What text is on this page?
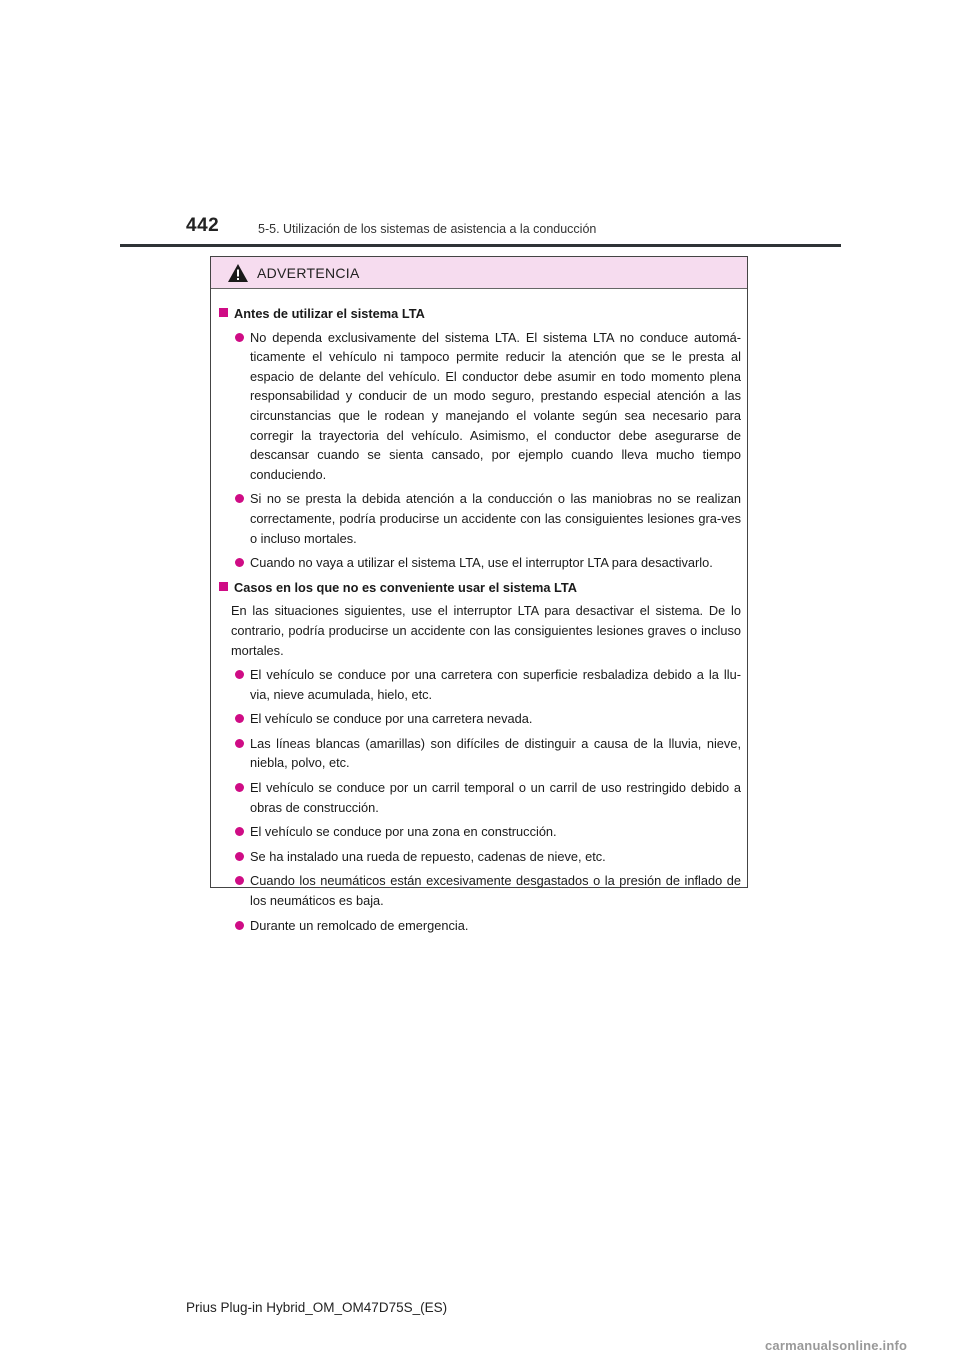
442	5-5. Utilización de los sistemas de asistencia a la conducción
ADVERTENCIA
Antes de utilizar el sistema LTA
No dependa exclusivamente del sistema LTA. El sistema LTA no conduce automá-ticamente el vehículo ni tampoco permite reducir la atención que se le presta al espacio de delante del vehículo. El conductor debe asumir en todo momento plena responsabilidad y conducir de un modo seguro, prestando especial atención a las circunstancias que le rodean y manejando el volante según sea necesario para corregir la trayectoria del vehículo. Asimismo, el conductor debe asegurarse de descansar cuando se sienta cansado, por ejemplo cuando lleva mucho tiempo conduciendo.
Si no se presta la debida atención a la conducción o las maniobras no se realizan correctamente, podría producirse un accidente con las consiguientes lesiones gra-ves o incluso mortales.
Cuando no vaya a utilizar el sistema LTA, use el interruptor LTA para desactivarlo.
Casos en los que no es conveniente usar el sistema LTA
En las situaciones siguientes, use el interruptor LTA para desactivar el sistema. De lo contrario, podría producirse un accidente con las consiguientes lesiones graves o incluso mortales.
El vehículo se conduce por una carretera con superficie resbaladiza debido a la llu-via, nieve acumulada, hielo, etc.
El vehículo se conduce por una carretera nevada.
Las líneas blancas (amarillas) son difíciles de distinguir a causa de la lluvia, nieve, niebla, polvo, etc.
El vehículo se conduce por un carril temporal o un carril de uso restringido debido a obras de construcción.
El vehículo se conduce por una zona en construcción.
Se ha instalado una rueda de repuesto, cadenas de nieve, etc.
Cuando los neumáticos están excesivamente desgastados o la presión de inflado de los neumáticos es baja.
Durante un remolcado de emergencia.
Prius Plug-in Hybrid_OM_OM47D75S_(ES)
carmanualsonline.info
